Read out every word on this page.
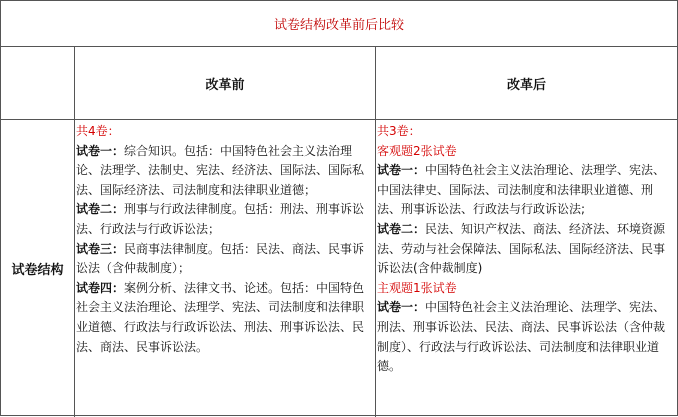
试卷结构改革前后比较
改革前	改革后
试卷结构
共4卷：
试卷一：综合知识。包括：中国特色社会主义法治理论、法理学、法制史、宪法、经济法、国际法、国际私法、国际经济法、司法制度和法律职业道德；
试卷二：刑事与行政法律制度。包括：刑法、刑事诉讼法、行政法与行政诉讼法；
试卷三：民商事法律制度。包括：民法、商法、民事诉讼法（含仲裁制度）；
试卷四：案例分析、法律文书、论述。包括：中国特色社会主义法治理论、法理学、宪法、司法制度和法律职业道德、行政法与行政诉讼法、刑法、刑事诉讼法、民法、商法、民事诉讼法。
共3卷：
客观题2张试卷
试卷一：中国特色社会主义法治理论、法理学、宪法、中国法律史、国际法、司法制度和法律职业道德、刑法、刑事诉讼法、行政法与行政诉讼法;
试卷二：民法、知识产权法、商法、经济法、环境资源法、劳动与社会保障法、国际私法、国际经济法、民事诉讼法(含仲裁制度)
主观题1张试卷
试卷一：中国特色社会主义法治理论、法理学、宪法、刑法、刑事诉讼法、民法、商法、民事诉讼法（含仲裁制度）、行政法与行政诉讼法、司法制度和法律职业道德。
